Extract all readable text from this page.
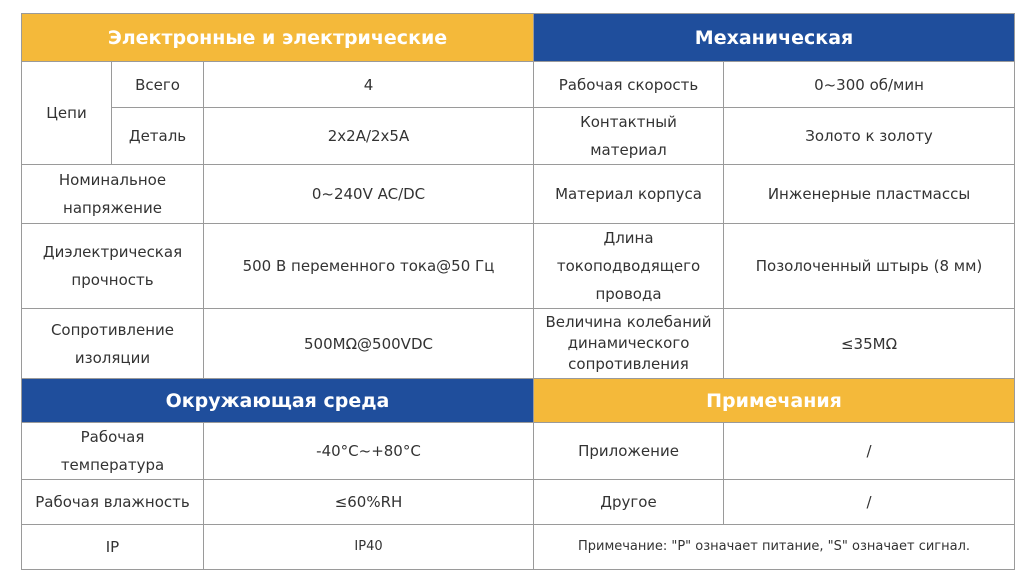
Электронные и электрические			Механическая	
Цепи	Всего	4	Рабочая скорость	0~300 об/мин
	Деталь	2x2A/2x5A	Контактный материал	Золото к золоту
Номинальное напряжение		0~240V AC/DC	Материал корпуса	Инженерные пластмассы
Диэлектрическая прочность		500 В переменного тока@50 Гц	Длина токоподводящего провода	Позолоченный штырь (8 мм)
Сопротивление изоляции		500MΩ@500VDC	Величина колебаний динамического сопротивления	≤35MΩ
Окружающая среда			Примечания	
Рабочая температура		-40°C~+80°C	Приложение	/
Рабочая влажность		≤60%RH	Другое	/
IP		IP40	Примечание: "P" означает питание, "S" означает сигнал.	
